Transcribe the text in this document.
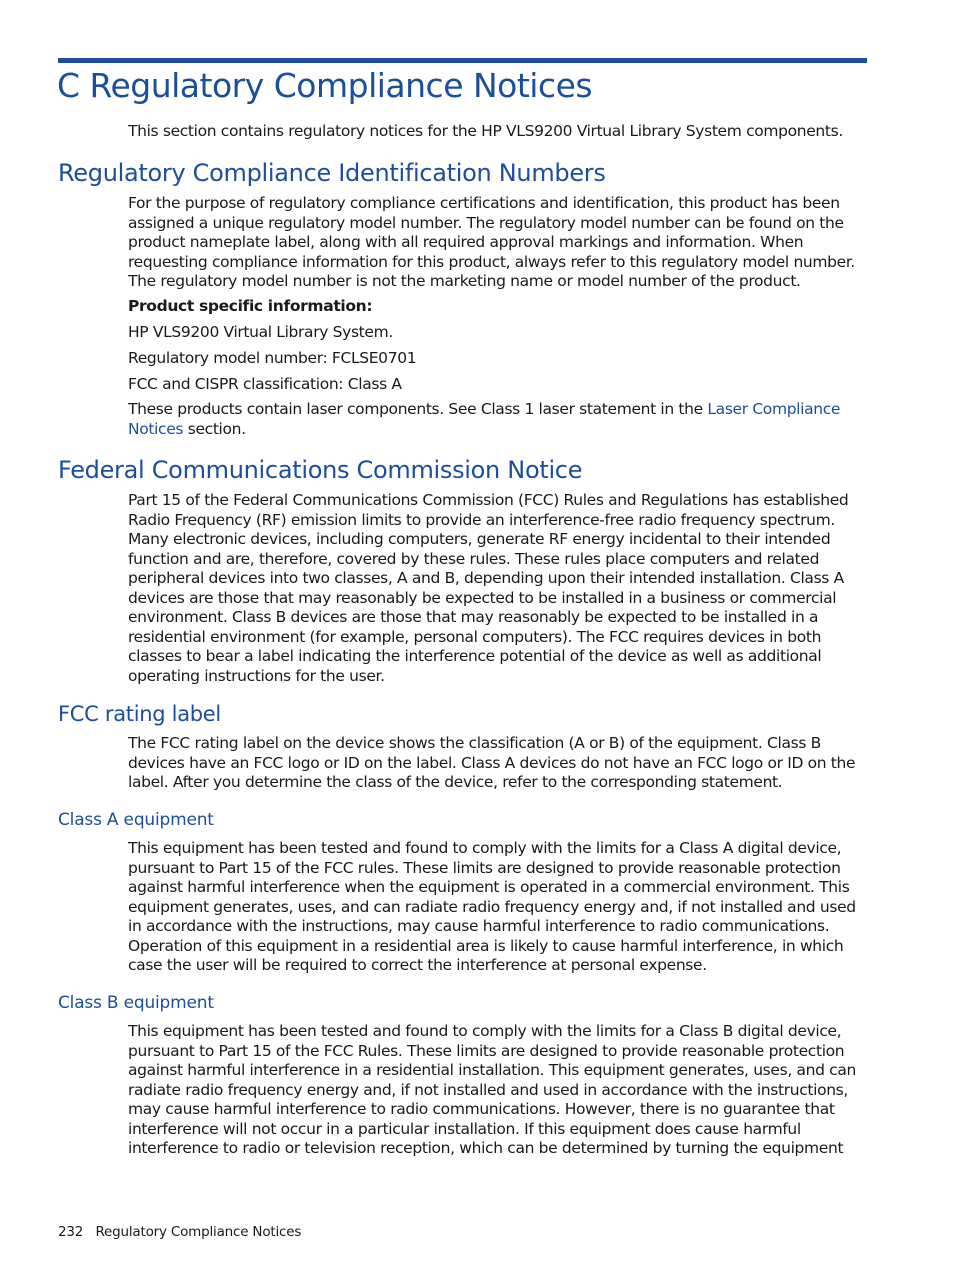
C Regulatory Compliance Notices

This section contains regulatory notices for the HP VLS9200 Virtual Library System components.

Regulatory Compliance Identification Numbers

For the purpose of regulatory compliance certifications and identification, this product has been assigned a unique regulatory model number. The regulatory model number can be found on the product nameplate label, along with all required approval markings and information. When requesting compliance information for this product, always refer to this regulatory model number. The regulatory model number is not the marketing name or model number of the product.

Product specific information:

HP VLS9200 Virtual Library System.

Regulatory model number: FCLSE0701

FCC and CISPR classification: Class A

These products contain laser components. See Class 1 laser statement in the Laser Compliance Notices section.

Federal Communications Commission Notice

Part 15 of the Federal Communications Commission (FCC) Rules and Regulations has established Radio Frequency (RF) emission limits to provide an interference-free radio frequency spectrum. Many electronic devices, including computers, generate RF energy incidental to their intended function and are, therefore, covered by these rules. These rules place computers and related peripheral devices into two classes, A and B, depending upon their intended installation. Class A devices are those that may reasonably be expected to be installed in a business or commercial environment. Class B devices are those that may reasonably be expected to be installed in a residential environment (for example, personal computers). The FCC requires devices in both classes to bear a label indicating the interference potential of the device as well as additional operating instructions for the user.

FCC rating label

The FCC rating label on the device shows the classification (A or B) of the equipment. Class B devices have an FCC logo or ID on the label. Class A devices do not have an FCC logo or ID on the label. After you determine the class of the device, refer to the corresponding statement.

Class A equipment

This equipment has been tested and found to comply with the limits for a Class A digital device, pursuant to Part 15 of the FCC rules. These limits are designed to provide reasonable protection against harmful interference when the equipment is operated in a commercial environment. This equipment generates, uses, and can radiate radio frequency energy and, if not installed and used in accordance with the instructions, may cause harmful interference to radio communications. Operation of this equipment in a residential area is likely to cause harmful interference, in which case the user will be required to correct the interference at personal expense.

Class B equipment

This equipment has been tested and found to comply with the limits for a Class B digital device, pursuant to Part 15 of the FCC Rules. These limits are designed to provide reasonable protection against harmful interference in a residential installation. This equipment generates, uses, and can radiate radio frequency energy and, if not installed and used in accordance with the instructions, may cause harmful interference to radio communications. However, there is no guarantee that interference will not occur in a particular installation. If this equipment does cause harmful interference to radio or television reception, which can be determined by turning the equipment

232 Regulatory Compliance Notices
